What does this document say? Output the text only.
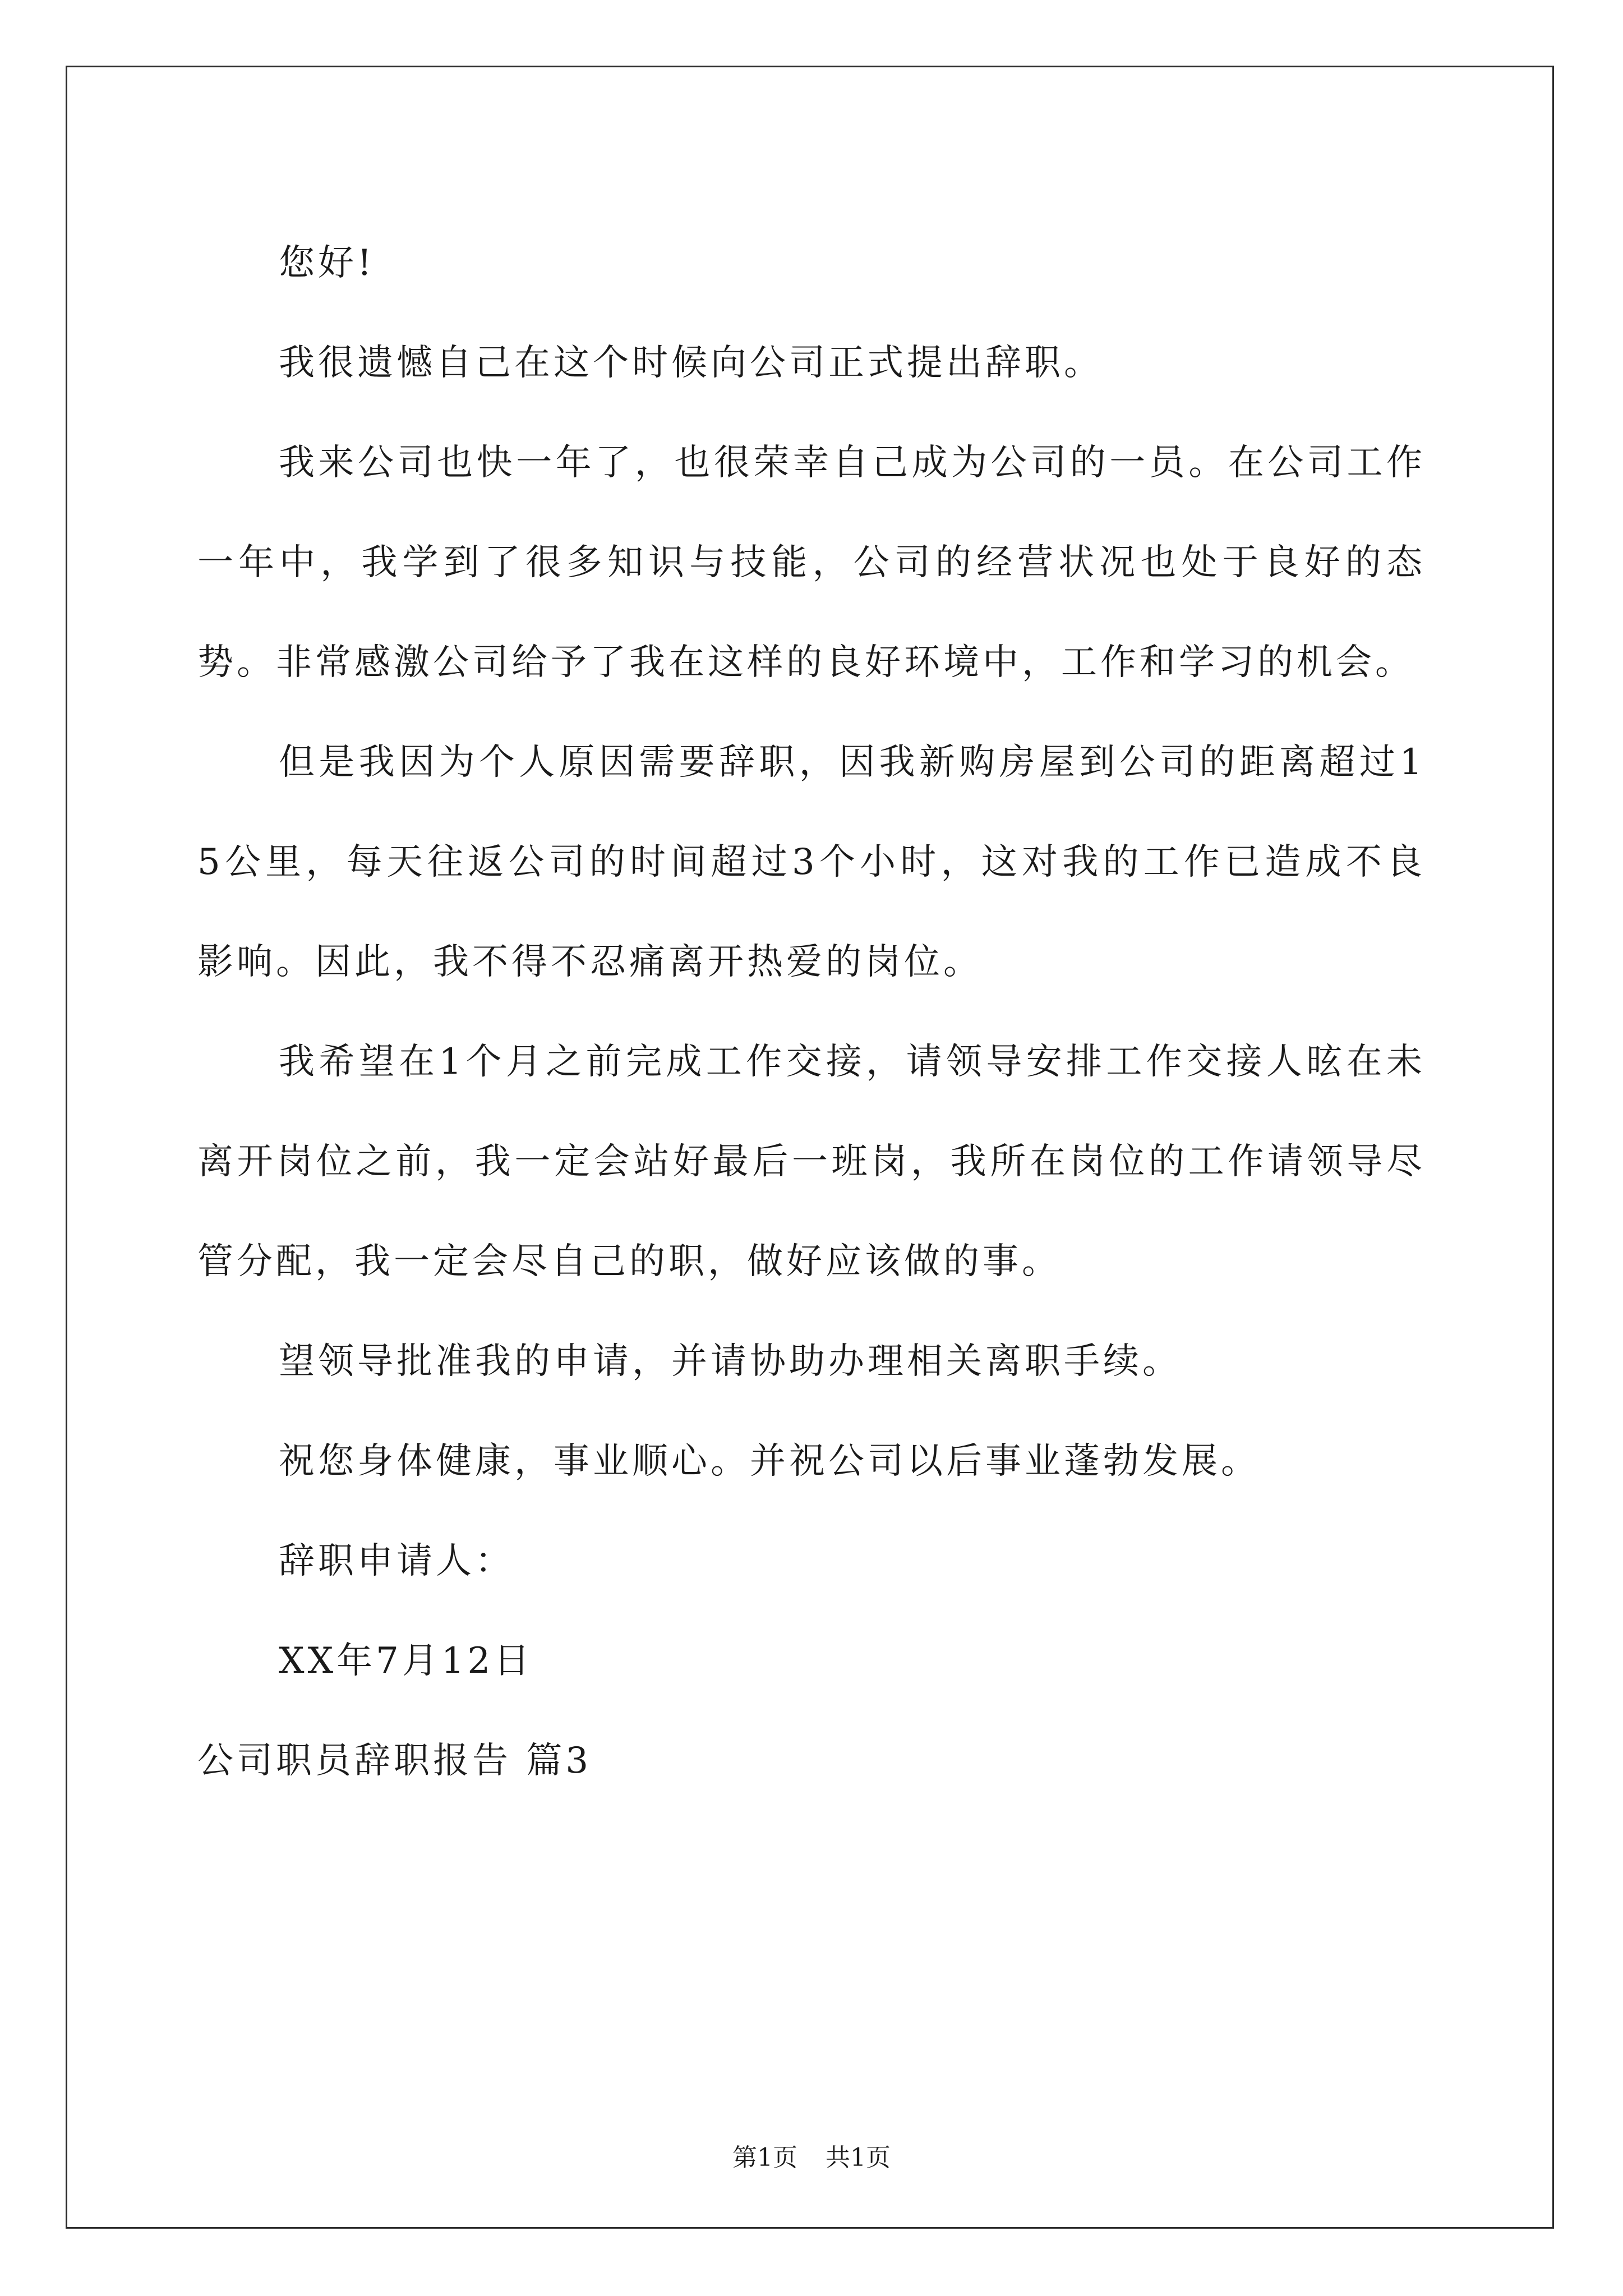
您好!

我很遗憾自己在这个时候向公司正式提出辞职。

我来公司也快一年了，也很荣幸自己成为公司的一员。在公司工作一年中，我学到了很多知识与技能，公司的经营状况也处于良好的态势。非常感激公司给予了我在这样的良好环境中，工作和学习的机会。

但是我因为个人原因需要辞职，因我新购房屋到公司的距离超过15公里，每天往返公司的时间超过3个小时，这对我的工作已造成不良影响。因此，我不得不忍痛离开热爱的岗位。

我希望在1个月之前完成工作交接，请领导安排工作交接人昡在未离开岗位之前，我一定会站好最后一班岗，我所在岗位的工作请领导尽管分配，我一定会尽自己的职，做好应该做的事。

望领导批准我的申请，并请协助办理相关离职手续。

祝您身体健康，事业顺心。并祝公司以后事业蓬勃发展。

辞职申请人：

XX年7月12日

公司职员辞职报告 篇3

第1页 共1页
